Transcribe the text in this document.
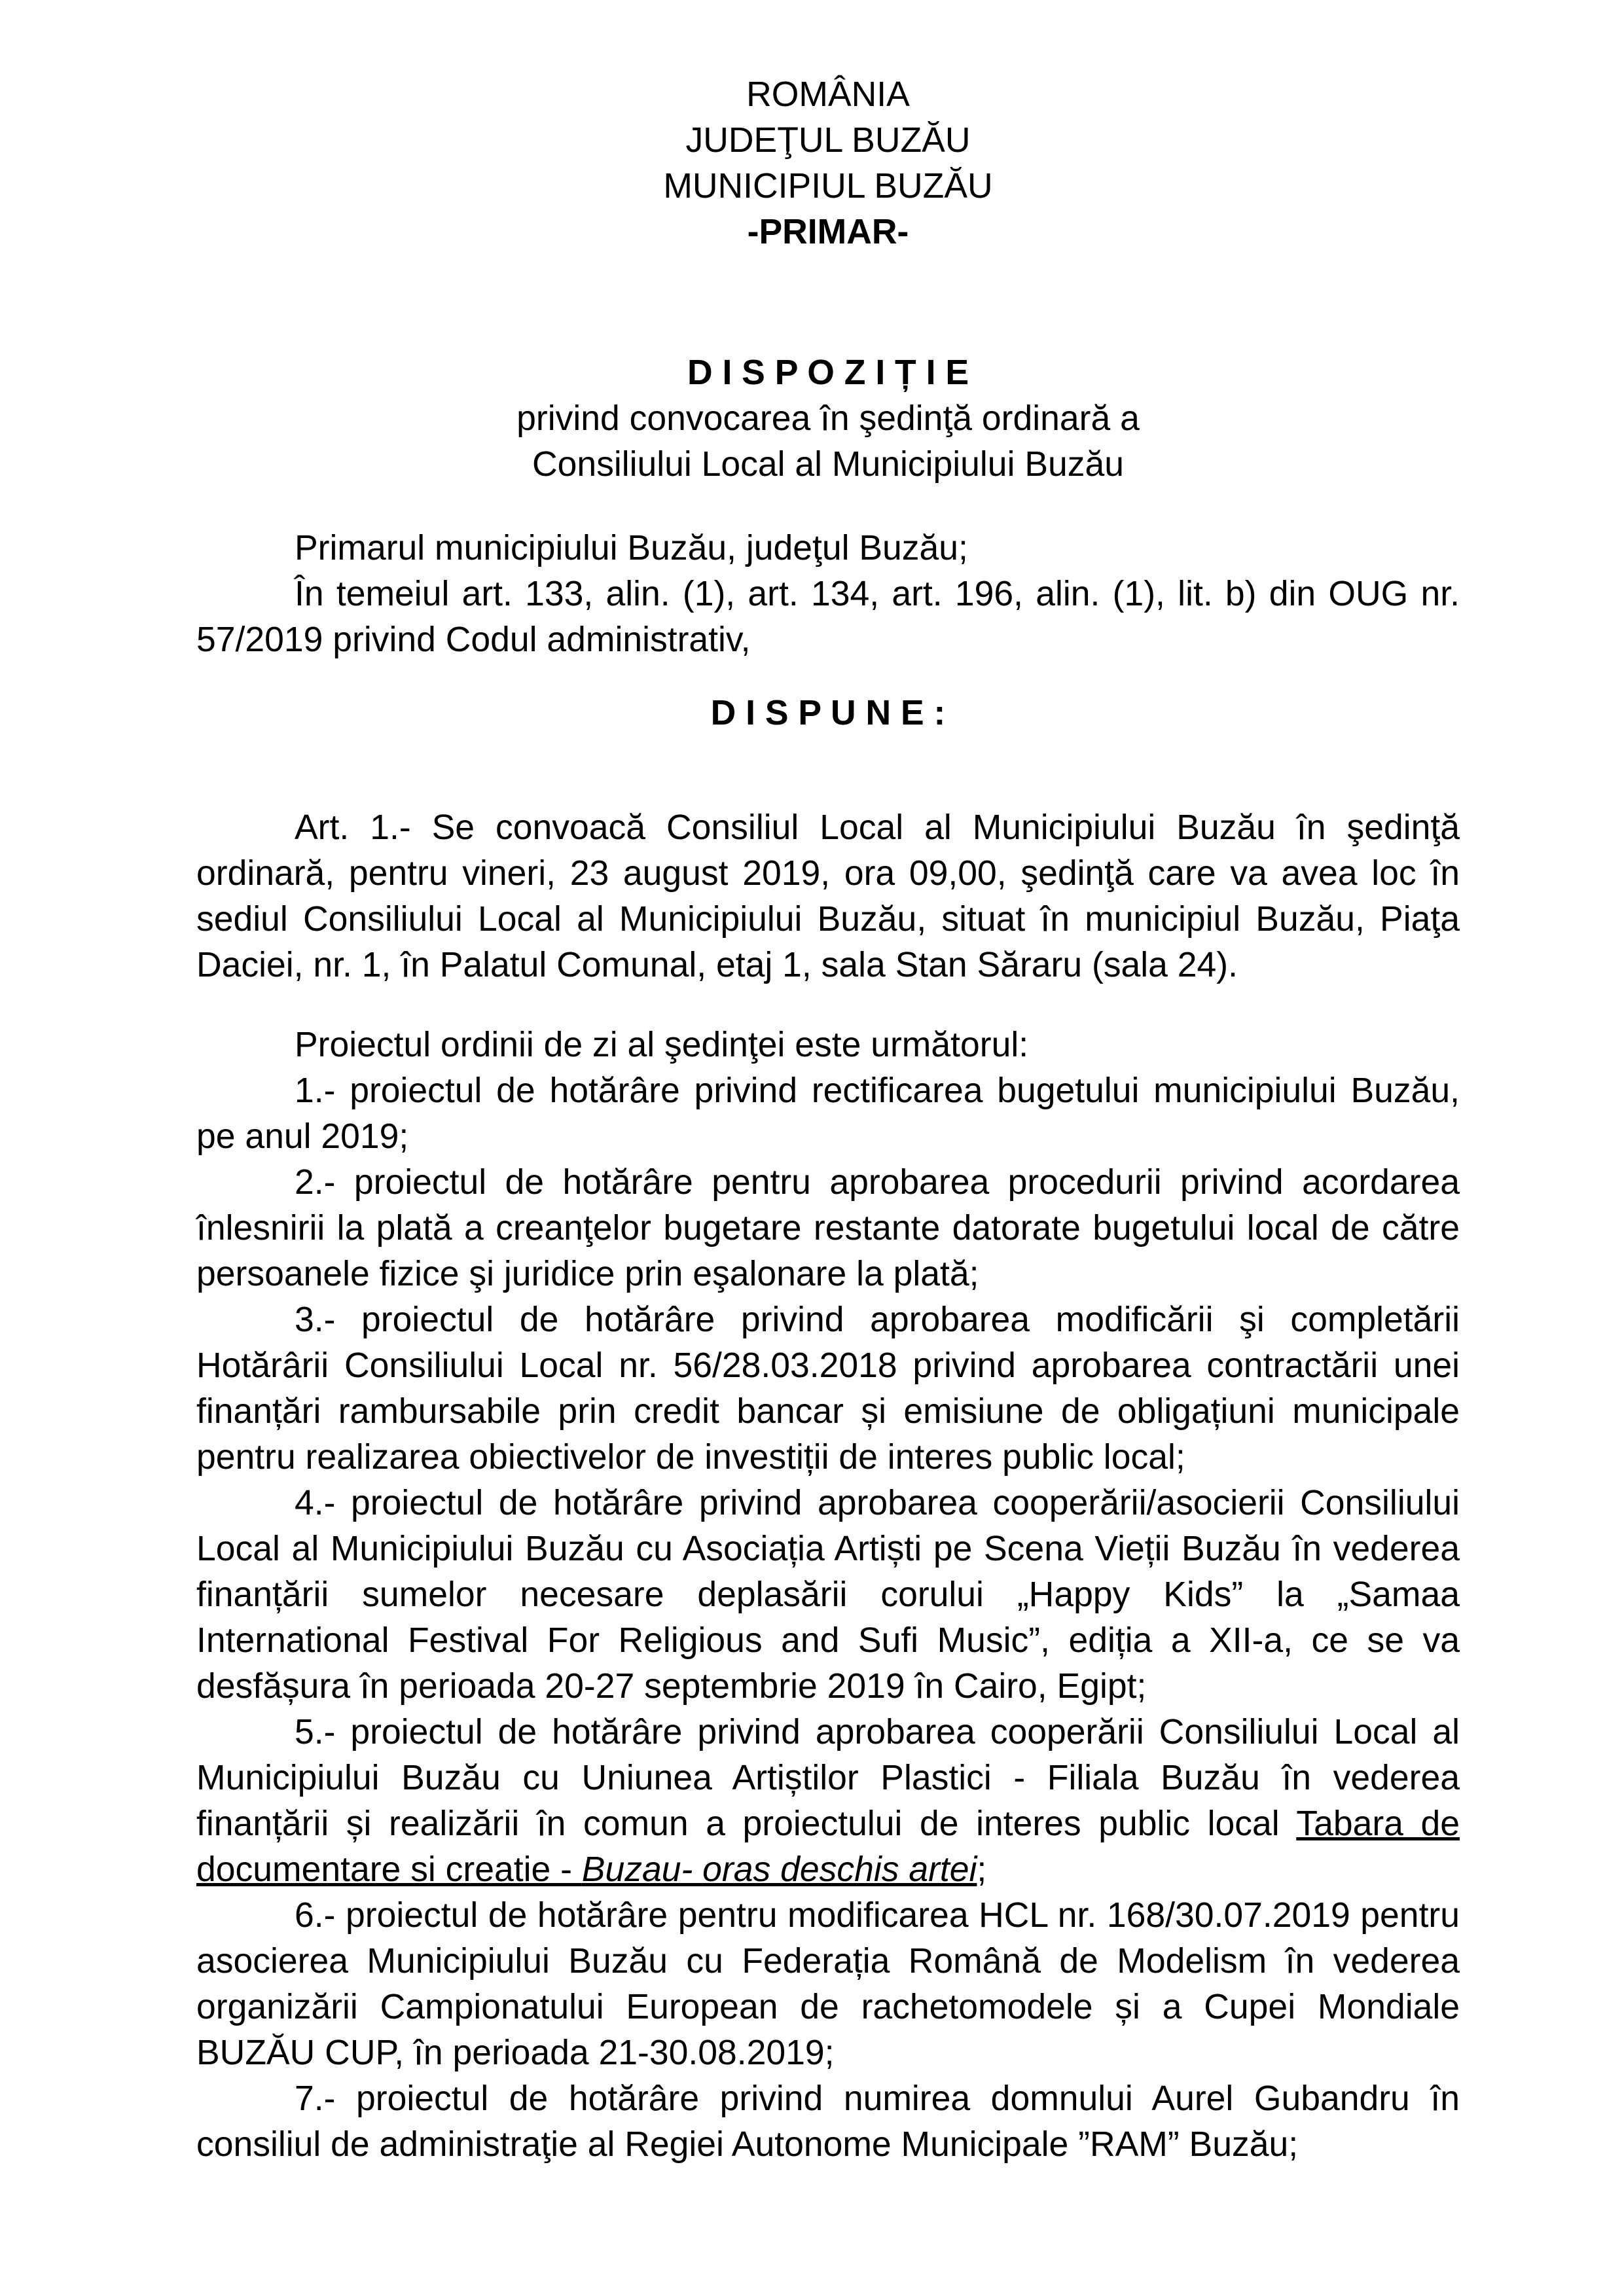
ROMÂNIA
JUDEŢUL BUZĂU
MUNICIPIUL BUZĂU
-PRIMAR-

D I S P O Z I Ț I E

privind convocarea în şedinţă ordinară a

Consiliului Local al Municipiului Buzău

Primarul municipiului Buzău, judeţul Buzău;

În temeiul art. 133, alin. (1), art. 134, art. 196, alin. (1), lit. b) din OUG nr. 57/2019 privind Codul administrativ,

D I S P U N E :

Art. 1.- Se convoacă Consiliul Local al Municipiului Buzău în şedinţă ordinară, pentru vineri, 23 august 2019, ora 09,00, şedinţă care va avea loc în sediul Consiliului Local al Municipiului Buzău, situat în municipiul Buzău, Piaţa Daciei, nr. 1, în Palatul Comunal, etaj 1, sala Stan Săraru (sala 24).

Proiectul ordinii de zi al şedinţei este următorul:

1.- proiectul de hotărâre privind rectificarea bugetului municipiului Buzău, pe anul 2019;

2.- proiectul de hotărâre pentru aprobarea procedurii privind acordarea înlesnirii la plată a creanţelor bugetare restante datorate bugetului local de către persoanele fizice şi juridice prin eşalonare la plată;

3.- proiectul de hotărâre privind aprobarea modificării şi completării Hotărârii Consiliului Local nr. 56/28.03.2018 privind aprobarea contractării unei finanțări rambursabile prin credit bancar și emisiune de obligațiuni municipale pentru realizarea obiectivelor de investiții de interes public local;

4.- proiectul de hotărâre privind aprobarea cooperării/asocierii Consiliului Local al Municipiului Buzău cu Asociația Artiști pe Scena Vieții Buzău în vederea finanțării sumelor necesare deplasării corului „Happy Kids” la „Samaa International Festival For Religious and Sufi Music”, ediția a XII-a, ce se va desfășura în perioada 20-27 septembrie 2019 în Cairo, Egipt;

5.- proiectul de hotărâre privind aprobarea cooperării Consiliului Local al Municipiului Buzău cu Uniunea Artiștilor Plastici - Filiala Buzău în vederea finanțării și realizării în comun a proiectului de interes public local Tabara de documentare si creatie - Buzau- oras deschis artei;

6.- proiectul de hotărâre pentru modificarea HCL nr. 168/30.07.2019 pentru asocierea Municipiului Buzău cu Federația Română de Modelism în vederea organizării Campionatului European de rachetomodele și a Cupei Mondiale BUZĂU CUP, în perioada 21-30.08.2019;

7.- proiectul de hotărâre privind numirea domnului Aurel Gubandru în consiliul de administraţie al Regiei Autonome Municipale ”RAM” Buzău;
